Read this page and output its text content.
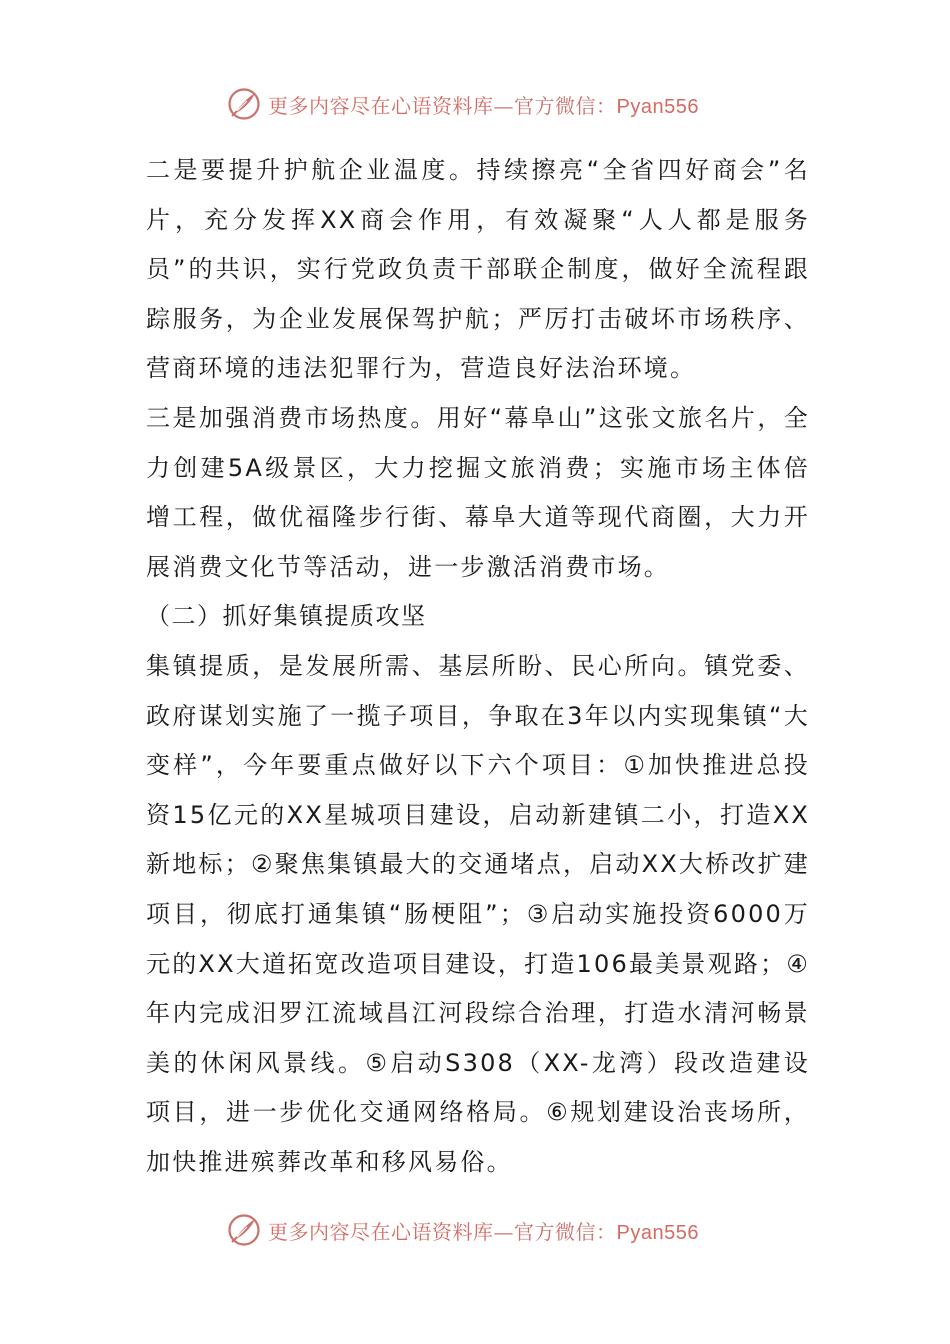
更多内容尽在心语资料库—官方微信：Pyan556

二是要提升护航企业温度。持续擦亮“全省四好商会”名片，充分发挥XX商会作用，有效凝聚“人人都是服务员”的共识，实行党政负责干部联企制度，做好全流程跟踪服务，为企业发展保驾护航；严厉打击破坏市场秩序、营商环境的违法犯罪行为，营造良好法治环境。

三是加强消费市场热度。用好“幕阜山”这张文旅名片，全力创建5A级景区，大力挖掘文旅消费；实施市场主体倍增工程，做优福隆步行街、幕阜大道等现代商圈，大力开展消费文化节等活动，进一步激活消费市场。

（二）抓好集镇提质攻坚

集镇提质，是发展所需、基层所盼、民心所向。镇党委、政府谋划实施了一揽子项目，争取在3年以内实现集镇“大变样”，今年要重点做好以下六个项目：①加快推进总投资15亿元的XX星城项目建设，启动新建镇二小，打造XX新地标；②聚焦集镇最大的交通堵点，启动XX大桥改扩建项目，彻底打通集镇“肠梗阻”；③启动实施投资6000万元的XX大道拓宽改造项目建设，打造106最美景观路；④年内完成汨罗江流域昌江河段综合治理，打造水清河畅景美的休闲风景线。⑤启动S308（XX-龙湾）段改造建设项目，进一步优化交通网络格局。⑥规划建设治丧场所，加快推进殡葬改革和移风易俗。

更多内容尽在心语资料库—官方微信：Pyan556
